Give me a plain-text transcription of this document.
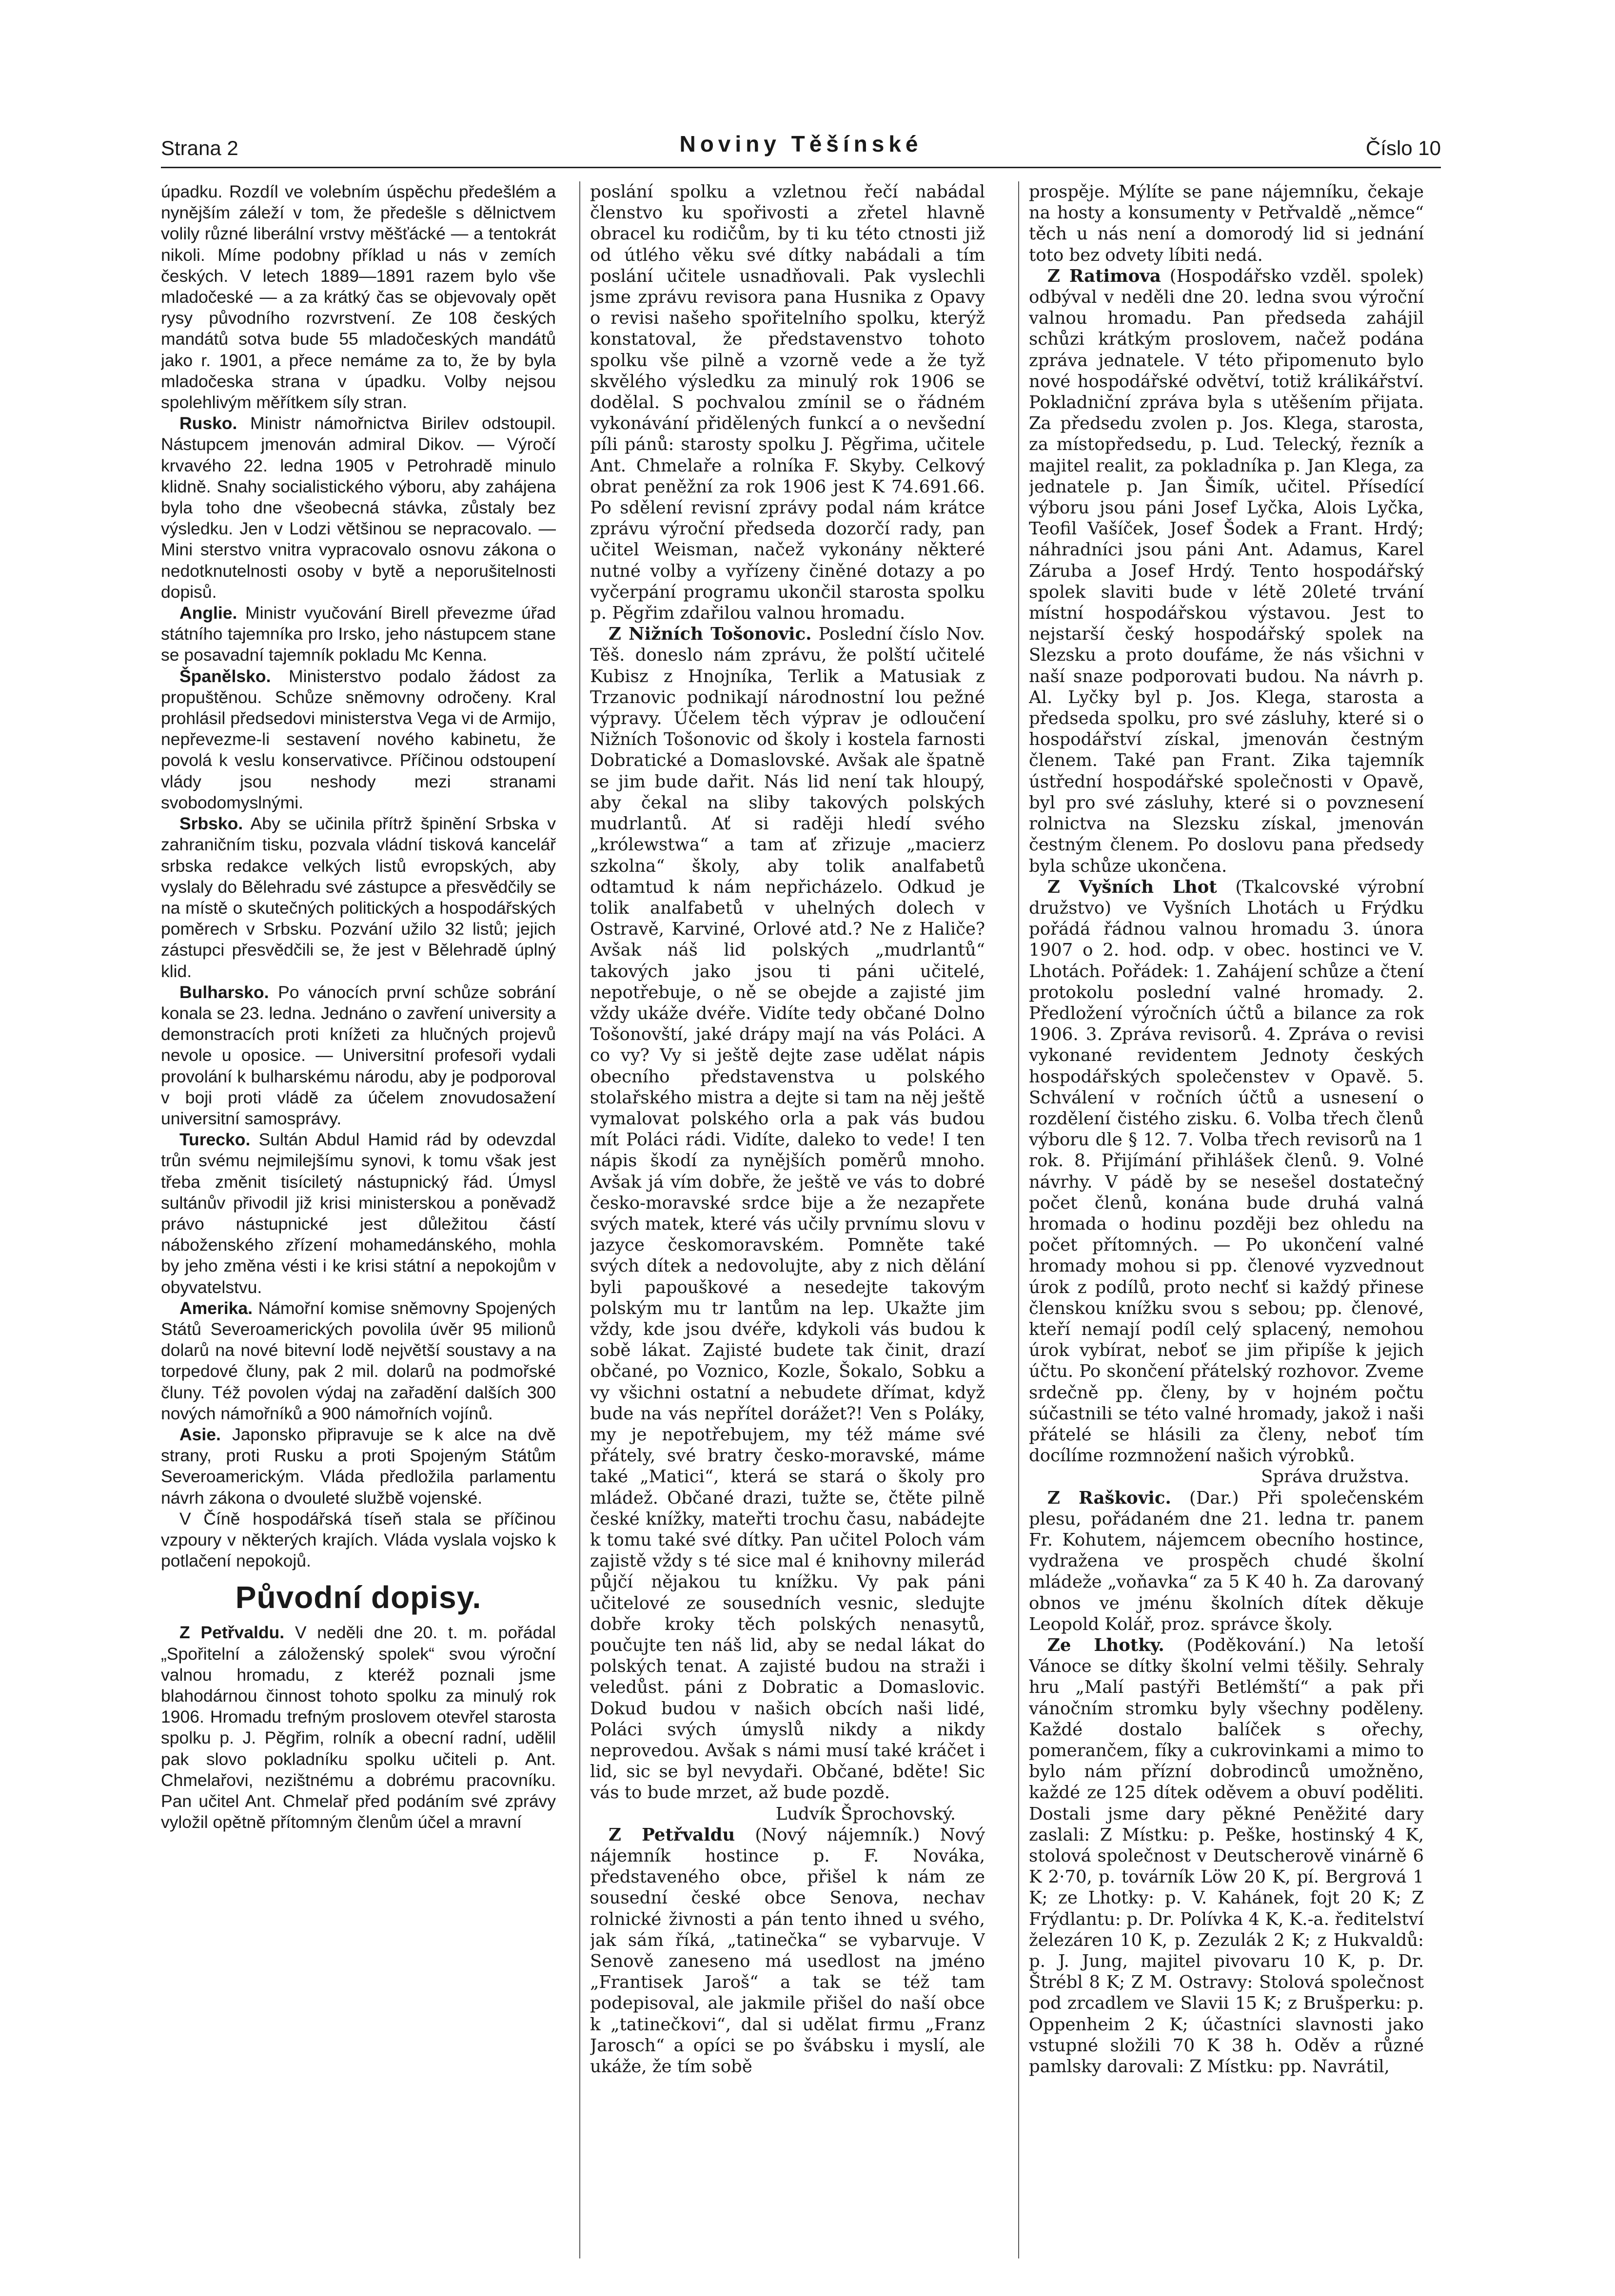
Strana 2	Noviny Těšínské	Číslo 10

úpadku. Rozdíl ve volebním úspěchu předešlém a nynějším záleží v tom, že předešle s dělnictvem volily různé liberální vrstvy měšťácké — a tentokrát nikoli. Míme podobny příklad u nás v zemích českých. V letech 1889—1891 razem bylo vše mladočeské — a za krátký čas se objevovaly opět rysy původního rozvrstvení. Ze 108 českých mandátů sotva bude 55 mladočeských mandátů jako r. 1901, a přece nemáme za to, že by byla mladočeska strana v úpadku. Volby nejsou spolehlivým měřítkem síly stran.

Rusko. Ministr námořnictva Birilev odstoupil. Nástupcem jmenován admiral Dikov. — Výročí krvavého 22. ledna 1905 v Petrohradě minulo klidně. Snahy socialistického výboru, aby zahájena byla toho dne všeobecná stávka, zůstaly bez výsledku. Jen v Lodzi většinou se nepracovalo. — Mini sterstvo vnitra vypracovalo osnovu zákona o nedotknutelnosti osoby v bytě a neporušitelnosti dopisů.

Anglie. Ministr vyučování Birell převezme úřad státního tajemníka pro Irsko, jeho nástupcem stane se posavadní tajemník pokladu Mc Kenna.

Španělsko. Ministerstvo podalo žádost za propuštěnou. Schůze sněmovny odročeny. Kral prohlásil předsedovi ministerstva Vega vi de Armijo, nepřevezme-li sestavení nového kabinetu, že povolá k veslu konservativce. Příčinou odstoupení vlády jsou neshody mezi stranami svobodomyslnými.

Srbsko. Aby se učinila přítrž špinění Srbska v zahraničním tisku, pozvala vládní tisková kancelář srbska redakce velkých listů evropských, aby vyslaly do Bělehradu své zástupce a přesvědčily se na místě o skutečných politických a hospodářských poměrech v Srbsku. Pozvání užilo 32 listů; jejich zástupci přesvědčili se, že jest v Bělehradě úplný klid.

Bulharsko. Po vánocích první schůze sobrání konala se 23. ledna. Jednáno o zavření university a demonstracích proti knížeti za hlučných projevů nevole u oposice. — Universitní profesoři vydali provolání k bulharskému národu, aby je podporoval v boji proti vládě za účelem znovudosažení universitní samosprávy.

Turecko. Sultán Abdul Hamid rád by odevzdal trůn svému nejmilejšímu synovi, k tomu však jest třeba změnit tisíciletý nástupnický řád. Úmysl sultánův přivodil již krisi ministerskou a poněvadž právo nástupnické jest důležitou částí náboženského zřízení mohamedánského, mohla by jeho změna vésti i ke krisi státní a nepokojům v obyvatelstvu.

Amerika. Námořní komise sněmovny Spojených Států Severoamerických povolila úvěr 95 milionů dolarů na nové bitevní lodě největší soustavy a na torpedové čluny, pak 2 mil. dolarů na podmořské čluny. Též povolen výdaj na zařadění dalších 300 nových námořníků a 900 námořních vojínů.

Asie. Japonsko připravuje se k alce na dvě strany, proti Rusku a proti Spojeným Státům Severoamerickým. Vláda předložila parlamentu návrh zákona o dvouleté službě vojenské.

V Číně hospodářská tíseň stala se příčinou vzpoury v některých krajích. Vláda vyslala vojsko k potlačení nepokojů.

Původní dopisy.

Z Petřvaldu. V neděli dne 20. t. m. pořádal „Spořitelní a záloženský spolek“ svou výroční valnou hromadu, z kteréž poznali jsme blahodárnou činnost tohoto spolku za minulý rok 1906. Hromadu trefným proslovem otevřel starosta spolku p. J. Pěgřim, rolník a obecní radní, udělil pak slovo pokladníku spolku učiteli p. Ant. Chmelařovi, nezištnému a dobrému pracovníku. Pan učitel Ant. Chmelař před podáním své zprávy vyložil opětně přítomným členům účel a mravní

poslání spolku a vzletnou řečí nabádal členstvo ku spořivosti a zřetel hlavně obracel ku rodičům, by ti ku této ctnosti již od útlého věku své dítky nabádali a tím poslání učitele usnadňovali. Pak vyslechli jsme zprávu revisora pana Husnika z Opavy o revisi našeho spořitelního spolku, kterýž konstatoval, že představenstvo tohoto spolku vše pilně a vzorně vede a že tyž skvělého výsledku za minulý rok 1906 se dodělal. S pochvalou zmínil se o řádném vykonávání přidělených funkcí a o nevšední píli pánů: starosty spolku J. Pěgřima, učitele Ant. Chmelaře a rolníka F. Skyby. Celkový obrat peněžní za rok 1906 jest K 74.691.66. Po sdělení revisní zprávy podal nám krátce zprávu výroční předseda dozorčí rady, pan učitel Weisman, načež vykonány některé nutné volby a vyřízeny činěné dotazy a po vyčerpání programu ukončil starosta spolku p. Pěgřim zdařilou valnou hromadu.

Z Nižních Tošonovic. Poslední číslo Nov. Těš. doneslo nám zprávu, že polští učitelé Kubisz z Hnojníka, Terlik a Matusiak z Trzanovic podnikají národnostní lou pežné výpravy. Účelem těch výprav je odloučení Nižních Tošonovic od školy i kostela farnosti Dobratické a Domaslovské. Avšak ale špatně se jim bude dařit. Nás lid není tak hloupý, aby čekal na sliby takových polských mudrlantů. Ať si raději hledí svého „królewstwa“ a tam ať zřizuje „macierz szkolna“ školy, aby tolik analfabetů odtamtud k nám nepřicházelo. Odkud je tolik analfabetů v uhelných dolech v Ostravě, Karviné, Orlové atd.? Ne z Haliče? Avšak náš lid polských „mudrlantů“ takových jako jsou ti páni učitelé, nepotřebuje, o ně se obejde a zajisté jim vždy ukáže dvéře. Vidíte tedy občané Dolno Tošonovští, jaké drápy mají na vás Poláci. A co vy? Vy si ještě dejte zase udělat nápis obecního představenstva u polského stolařského mistra a dejte si tam na něj ještě vymalovat polského orla a pak vás budou mít Poláci rádi. Vidíte, daleko to vede! I ten nápis škodí za nynějších poměrů mnoho. Avšak já vím dobře, že ještě ve vás to dobré česko-moravské srdce bije a že nezapřete svých matek, které vás učily prvnímu slovu v jazyce českomoravském. Pomněte také svých dítek a nedovolujte, aby z nich dělání byli papouškové a nesedejte takovým polským mu tr lantům na lep. Ukažte jim vždy, kde jsou dvéře, kdykoli vás budou k sobě lákat. Zajisté budete tak činit, drazí občané, po Voznico, Kozle, Šokalo, Sobku a vy všichni ostatní a nebudete dřímat, když bude na vás nepřítel dorážet?! Ven s Poláky, my je nepotřebujem, my též máme své přátely, své bratry česko-moravské, máme také „Matici“, která se stará o školy pro mládež. Občané drazi, tužte se, čtěte pilně české knížky, mateřti trochu času, nabádejte k tomu také své dítky. Pan učitel Poloch vám zajistě vždy s té sice mal é knihovny milerád půjčí nějakou tu knížku. Vy pak páni učitelové ze sousedních vesnic, sledujte dobře kroky těch polských nenasytů, poučujte ten náš lid, aby se nedal lákat do polských tenat. A zajisté budou na straži i veledůst. páni z Dobratic a Domaslovic. Dokud budou v našich obcích naši lidé, Poláci svých úmyslů nikdy a nikdy neprovedou. Avšak s námi musí také kráčet i lid, sic se byl nevydaři. Občané, bděte! Sic vás to bude mrzet, až bude pozdě.

Ludvík Šprochovský.

Z Petřvaldu (Nový nájemník.) Nový nájemník hostince p. F. Nováka, představeného obce, přišel k nám ze sousední české obce Senova, nechav rolnické živnosti a pán tento ihned u svého, jak sám říká, „tatinečka“ se vybarvuje. V Senově zaneseno má usedlost na jméno „Frantisek Jaroš“ a tak se též tam podepisoval, ale jakmile přišel do naší obce k „tatinečkovi“, dal si udělat firmu „Franz Jarosch“ a opíci se po švábsku i myslí, ale ukáže, že tím sobě

prospěje. Mýlíte se pane nájemníku, čekaje na hosty a konsumenty v Petřvaldě „němce“ těch u nás není a domorodý lid si jednání toto bez odvety líbiti nedá.

Z Ratimova (Hospodářsko vzděl. spolek) odbýval v neděli dne 20. ledna svou výroční valnou hromadu. Pan předseda zahájil schůzi krátkým proslovem, načež podána zpráva jednatele. V této připomenuto bylo nové hospodářské odvětví, totiž králikářství. Pokladniční zpráva byla s utěšením přijata. Za předsedu zvolen p. Jos. Klega, starosta, za místopředsedu, p. Lud. Telecký, řezník a majitel realit, za pokladníka p. Jan Klega, za jednatele p. Jan Šimík, učitel. Přísedící výboru jsou páni Josef Lyčka, Alois Lyčka, Teofil Vašíček, Josef Šodek a Frant. Hrdý; náhradníci jsou páni Ant. Adamus, Karel Záruba a Josef Hrdý. Tento hospodářský spolek slaviti bude v létě 20leté trvání místní hospodářskou výstavou. Jest to nejstarší český hospodářský spolek na Slezsku a proto doufáme, že nás všichni v naší snaze podporovati budou. Na návrh p. Al. Lyčky byl p. Jos. Klega, starosta a předseda spolku, pro své zásluhy, které si o hospodářství získal, jmenován čestným členem. Také pan Frant. Zika tajemník ústřední hospodářské společnosti v Opavě, byl pro své zásluhy, které si o povznesení rolnictva na Slezsku získal, jmenován čestným členem. Po doslovu pana předsedy byla schůze ukončena.

Z Vyšních Lhot (Tkalcovské výrobní družstvo) ve Vyšních Lhotách u Frýdku pořádá řádnou valnou hromadu 3. února 1907 o 2. hod. odp. v obec. hostinci ve V. Lhotách. Pořádek: 1. Zahájení schůze a čtení protokolu poslední valné hromady. 2. Předložení výročních účtů a bilance za rok 1906. 3. Zpráva revisorů. 4. Zpráva o revisi vykonané revidentem Jednoty českých hospodářských společenstev v Opavě. 5. Schválení v ročních účtů a usnesení o rozdělení čistého zisku. 6. Volba třech členů výboru dle § 12. 7. Volba třech revisorů na 1 rok. 8. Přijímání přihlášek členů. 9. Volné návrhy. V pádě by se nesešel dostatečný počet členů, konána bude druhá valná hromada o hodinu později bez ohledu na počet přítomných. — Po ukončení valné hromady mohou si pp. členové vyzvednout úrok z podílů, proto nechť si každý přinese členskou knížku svou s sebou; pp. členové, kteří nemají podíl celý splacený, nemohou úrok vybírat, neboť se jim připíše k jejich účtu. Po skončení přátelský rozhovor. Zveme srdečně pp. členy, by v hojném počtu súčastnili se této valné hromady, jakož i naši přátelé se hlásili za členy, neboť tím docílíme rozmnožení našich výrobků.

Správa družstva.

Z Raškovic. (Dar.) Při společenském plesu, pořádaném dne 21. ledna tr. panem Fr. Kohutem, nájemcem obecního hostince, vydražena ve prospěch chudé školní mládeže „voňavka“ za 5 K 40 h. Za darovaný obnos ve jménu školních dítek děkuje Leopold Kolář, proz. správce školy.

Ze Lhotky. (Poděkování.) Na letoší Vánoce se dítky školní velmi těšily. Sehraly hru „Malí pastýři Betlémští“ a pak při vánočním stromku byly všechny poděleny. Každé dostalo balíček s ořechy, pomerančem, fíky a cukrovinkami a mimo to bylo nám přízní dobrodinců umožněno, každé ze 125 dítek oděvem a obuví poděliti. Dostali jsme dary pěkné Peněžité dary zaslali: Z Místku: p. Peške, hostinský 4 K, stolová společnost v Deutscherově vinárně 6 K 2·70, p. továrník Löw 20 K, pí. Bergrová 1 K; ze Lhotky: p. V. Kahánek, fojt 20 K; Z Frýdlantu: p. Dr. Polívka 4 K, K.-a. ředitelství železáren 10 K, p. Zezulák 2 K; z Hukvaldů: p. J. Jung, majitel pivovaru 10 K, p. Dr. Štrébl 8 K; Z M. Ostravy: Stolová společnost pod zrcadlem ve Slavii 15 K; z Brušperku: p. Oppenheim 2 K; účastníci slavnosti jako vstupné složili 70 K 38 h. Oděv a různé pamlsky darovali: Z Místku: pp. Navrátil,
